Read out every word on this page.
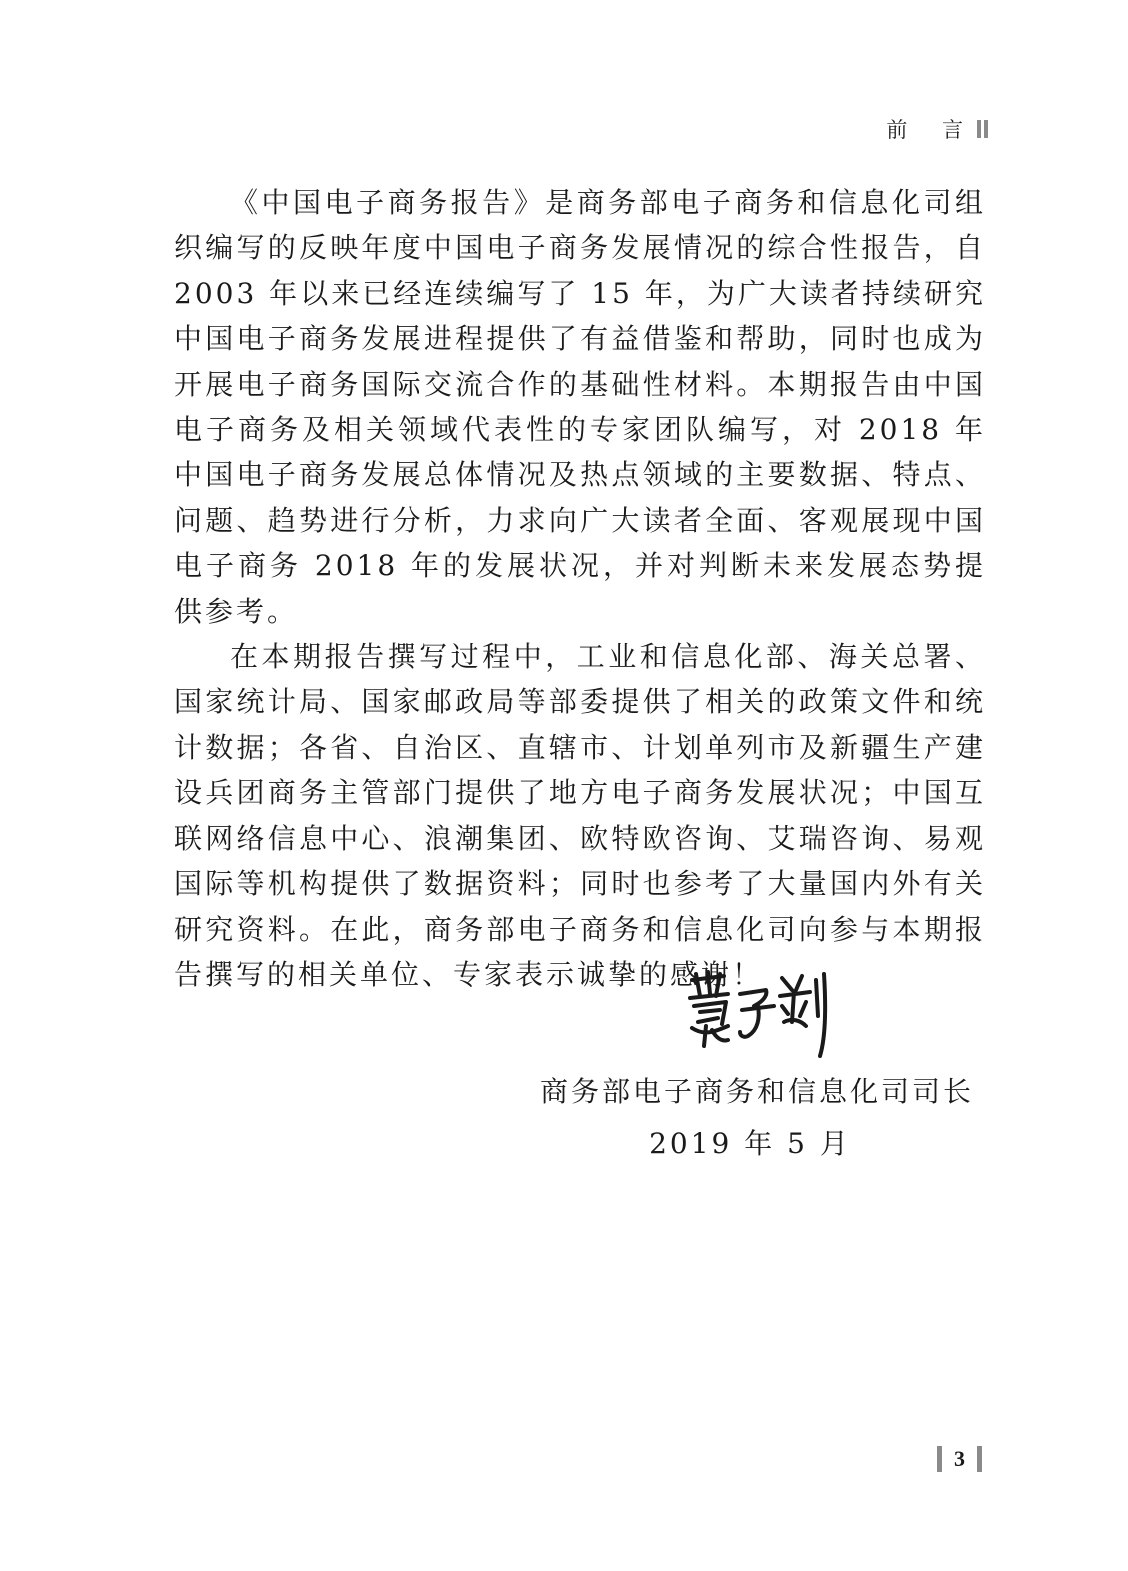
前 言

《中国电子商务报告》是商务部电子商务和信息化司组织编写的反映年度中国电子商务发展情况的综合性报告，自 2003 年以来已经连续编写了 15 年，为广大读者持续研究中国电子商务发展进程提供了有益借鉴和帮助，同时也成为开展电子商务国际交流合作的基础性材料。本期报告由中国电子商务及相关领域代表性的专家团队编写，对 2018 年中国电子商务发展总体情况及热点领域的主要数据、特点、问题、趋势进行分析，力求向广大读者全面、客观展现中国电子商务 2018 年的发展状况，并对判断未来发展态势提供参考。

在本期报告撰写过程中，工业和信息化部、海关总署、国家统计局、国家邮政局等部委提供了相关的政策文件和统计数据；各省、自治区、直辖市、计划单列市及新疆生产建设兵团商务主管部门提供了地方电子商务发展状况；中国互联网络信息中心、浪潮集团、欧特欧咨询、艾瑞咨询、易观国际等机构提供了数据资料；同时也参考了大量国内外有关研究资料。在此，商务部电子商务和信息化司向参与本期报告撰写的相关单位、专家表示诚挚的感谢！

商务部电子商务和信息化司司长
2019 年 5 月
3
